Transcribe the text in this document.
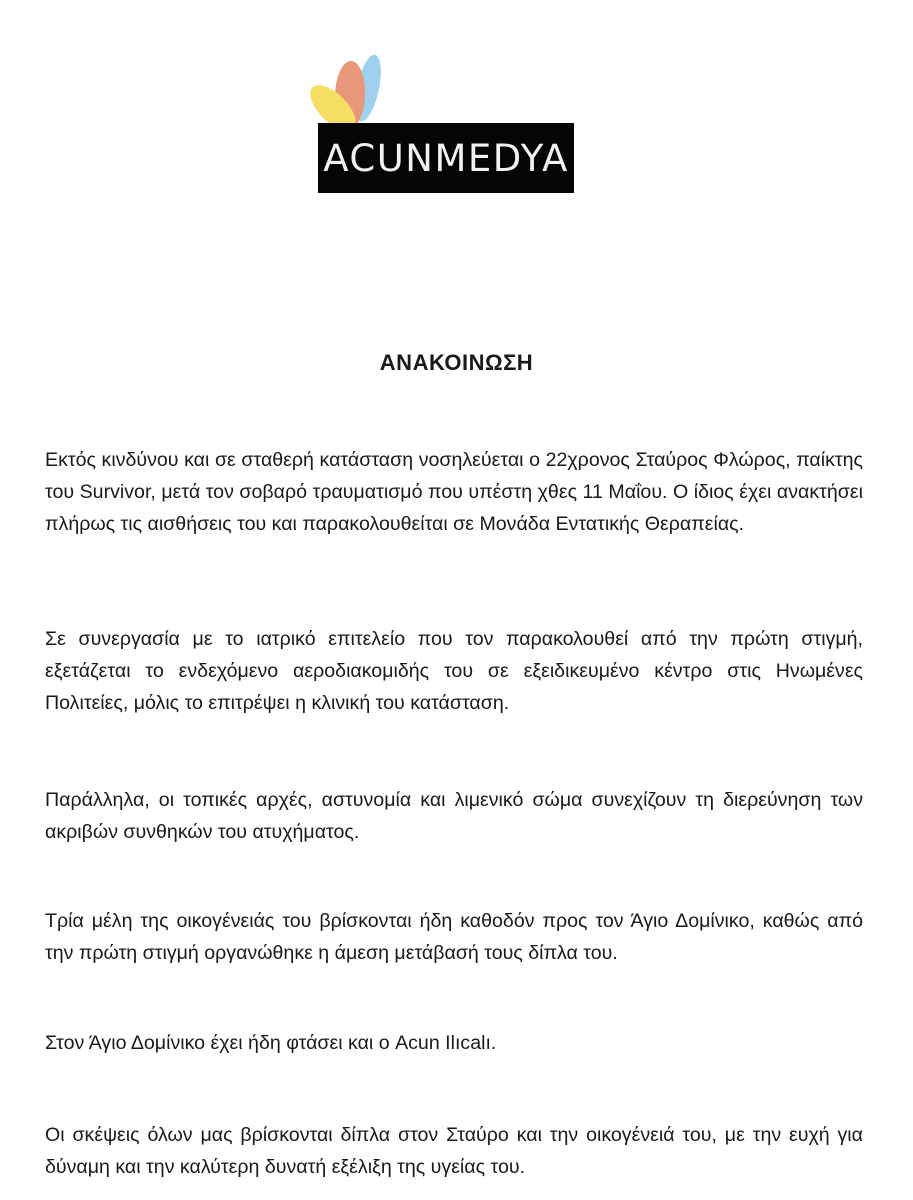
ACUNMEDYA
ΑΝΑΚΟΙΝΩΣΗ

Εκτός κινδύνου και σε σταθερή κατάσταση νοσηλεύεται ο 22χρονος Σταύρος Φλώρος, παίκτης του Survivor, μετά τον σοβαρό τραυματισμό που υπέστη χθες 11 Μαΐου. Ο ίδιος έχει ανακτήσει πλήρως τις αισθήσεις του και παρακολουθείται σε Μονάδα Εντατικής Θεραπείας.

Σε συνεργασία με το ιατρικό επιτελείο που τον παρακολουθεί από την πρώτη στιγμή, εξετάζεται το ενδεχόμενο αεροδιακομιδής του σε εξειδικευμένο κέντρο στις Ηνωμένες Πολιτείες, μόλις το επιτρέψει η κλινική του κατάσταση.

Παράλληλα, οι τοπικές αρχές, αστυνομία και λιμενικό σώμα συνεχίζουν τη διερεύνηση των ακριβών συνθηκών του ατυχήματος.

Τρία μέλη της οικογένειάς του βρίσκονται ήδη καθοδόν προς τον Άγιο Δομίνικο, καθώς από την πρώτη στιγμή οργανώθηκε η άμεση μετάβασή τους δίπλα του.

Στον Άγιο Δομίνικο έχει ήδη φτάσει και ο Acun Ilıcalı.

Οι σκέψεις όλων μας βρίσκονται δίπλα στον Σταύρο και την οικογένειά του, με την ευχή για δύναμη και την καλύτερη δυνατή εξέλιξη της υγείας του.
